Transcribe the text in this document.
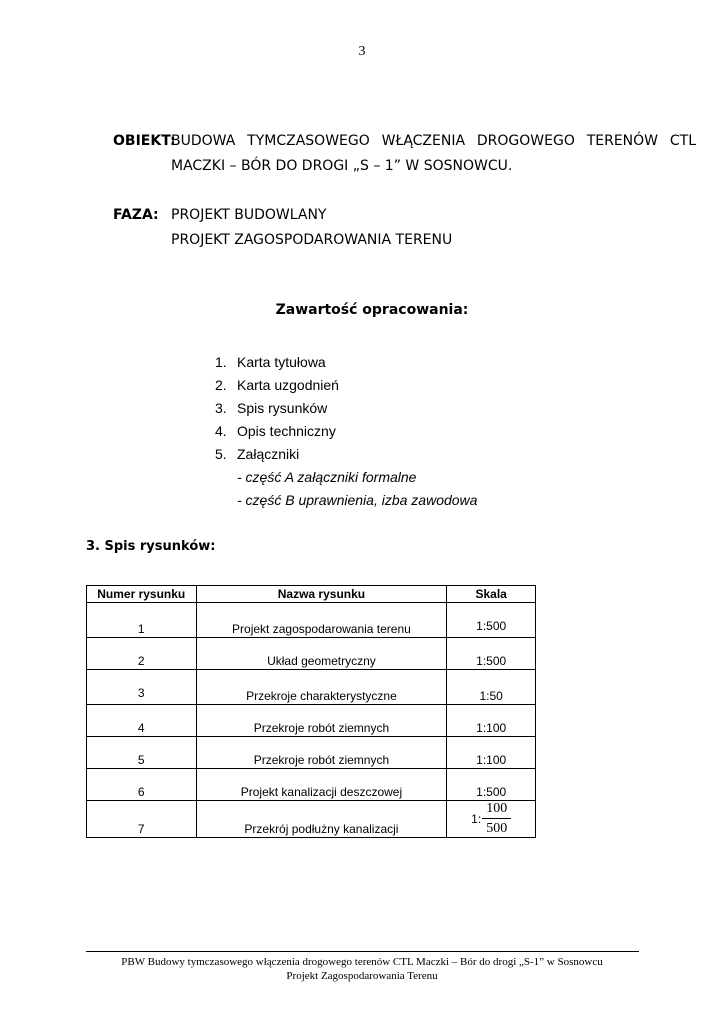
3
OBIEKT:
BUDOWA TYMCZASOWEGO WŁĄCZENIA DROGOWEGO TERENÓW CTL
MACZKI – BÓR DO DROGI „S – 1” W SOSNOWCU.
FAZA: PROJEKT BUDOWLANY
PROJEKT ZAGOSPODAROWANIA TERENU
Zawartość opracowania:
1. Karta tytułowa
2. Karta uzgodnień
3. Spis rysunków
4. Opis techniczny
5. Załączniki
- część A załączniki formalne
- część B uprawnienia, izba zawodowa
3. Spis rysunków:
Numer rysunku	Nazwa rysunku	Skala
1	Projekt zagospodarowania terenu	1:500
2	Układ geometryczny	1:500
3	Przekroje charakterystyczne	1:50
4	Przekroje robót ziemnych	1:100
5	Przekroje robót ziemnych	1:100
6	Projekt kanalizacji deszczowej	1:500
7	Przekrój podłużny kanalizacji	1: $\frac{100}{500}$
PBW Budowy tymczasowego włączenia drogowego terenów CTL Maczki – Bór do drogi „S-1” w Sosnowcu
Projekt Zagospodarowania Terenu
